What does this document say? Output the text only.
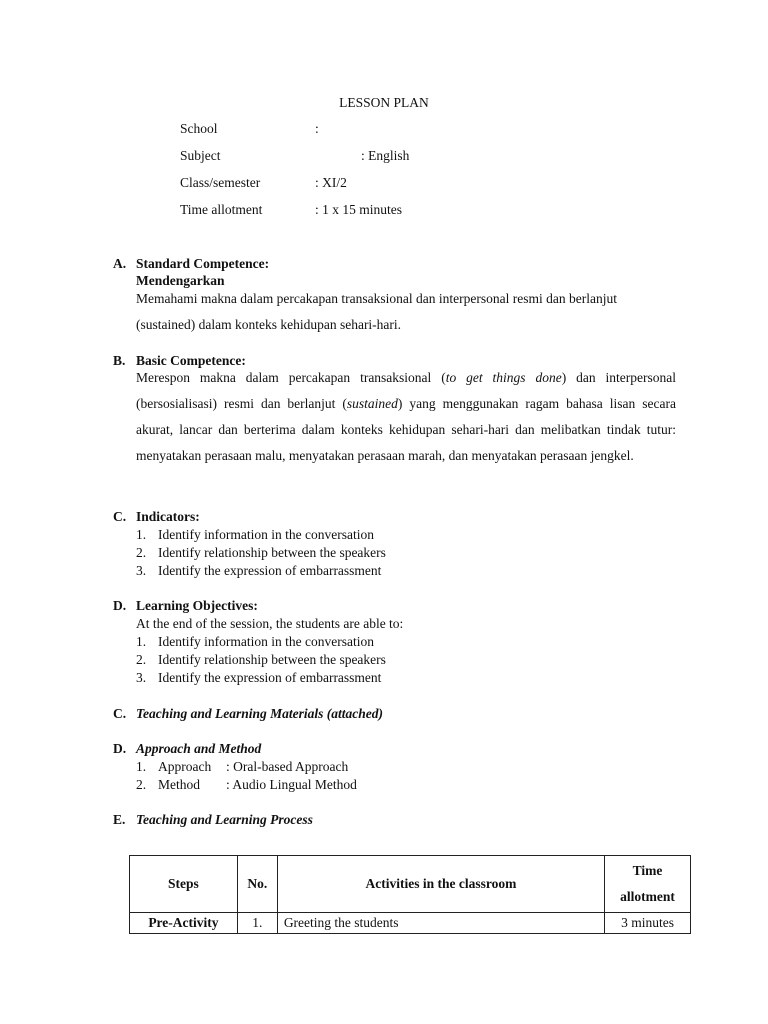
LESSON PLAN
School	:
Subject	: English
Class/semester	: XI/2
Time allotment	: 1 x 15 minutes
A. Standard Competence:
Mendengarkan
Memahami makna dalam percakapan transaksional dan interpersonal resmi dan berlanjut
(sustained) dalam konteks kehidupan sehari-hari.
B. Basic Competence:
Merespon makna dalam percakapan transaksional (to get things done) dan interpersonal (bersosialisasi) resmi dan berlanjut (sustained) yang menggunakan ragam bahasa lisan secara akurat, lancar dan berterima dalam konteks kehidupan sehari-hari dan melibatkan tindak tutur: menyatakan perasaan malu, menyatakan perasaan marah, dan menyatakan perasaan jengkel.
C. Indicators:
1. Identify information in the conversation
2. Identify relationship between the speakers
3. Identify the expression of embarrassment
D. Learning Objectives:
At the end of the session, the students are able to:
1. Identify information in the conversation
2. Identify relationship between the speakers
3. Identify the expression of embarrassment
C. Teaching and Learning Materials (attached)
D. Approach and Method
1. Approach : Oral-based Approach
2. Method : Audio Lingual Method
E. Teaching and Learning Process
Steps	No.	Activities in the classroom	Time
allotment
Pre-Activity	1.	Greeting the students	3 minutes
